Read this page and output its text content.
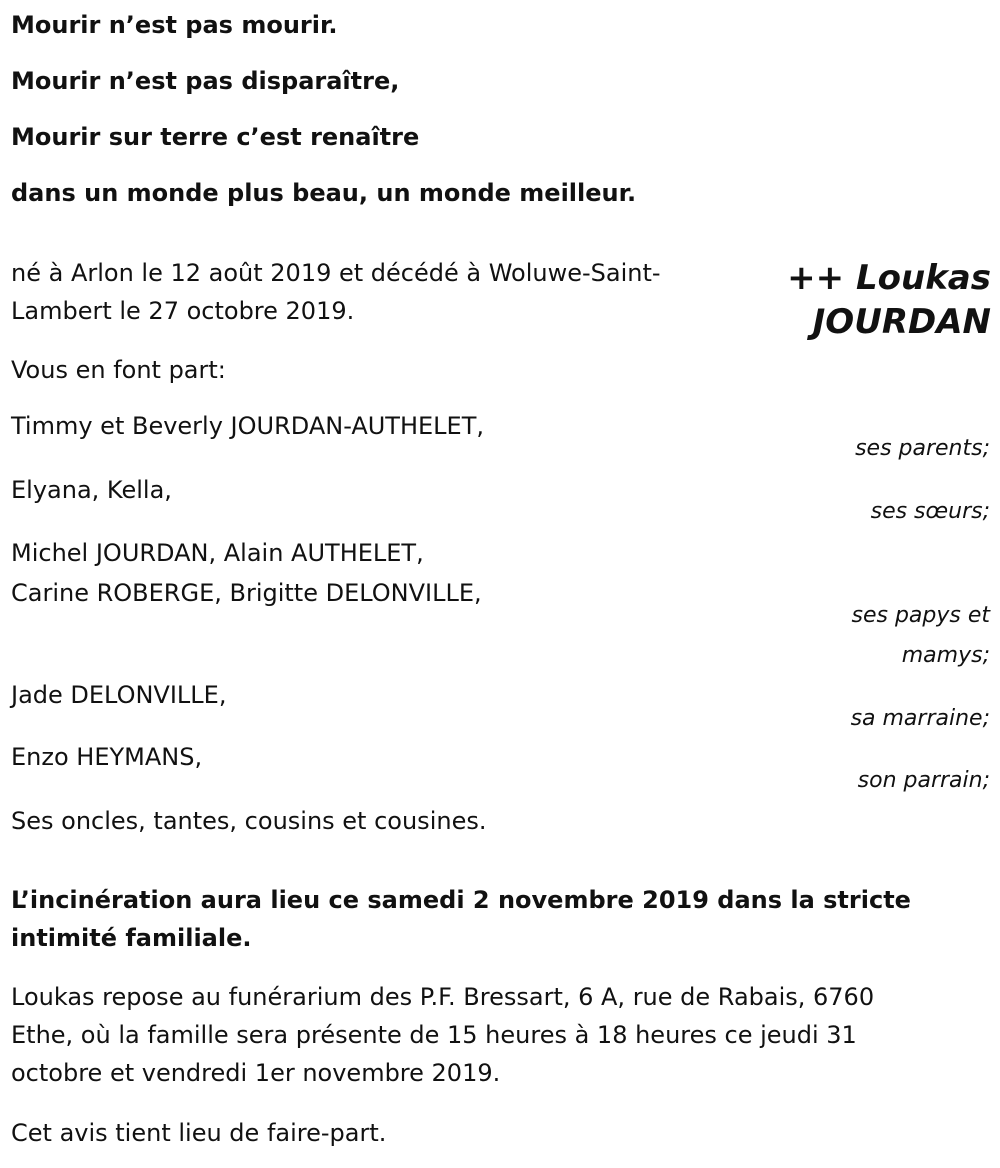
Mourir n’est pas mourir.

Mourir n’est pas disparaître,

Mourir sur terre c’est renaître

dans un monde plus beau, un monde meilleur.

++ Loukas
JOURDAN
né à Arlon le 12 août 2019 et décédé à Woluwe-Saint-
Lambert le 27 octobre 2019.

Vous en font part:

Timmy et Beverly JOURDAN-AUTHELET,

ses parents;

Elyana, Kella,

ses sœurs;

Michel JOURDAN, Alain AUTHELET,
Carine ROBERGE, Brigitte DELONVILLE,
ses papys et
mamys;

Jade DELONVILLE,

sa marraine;

Enzo HEYMANS,

son parrain;

Ses oncles, tantes, cousins et cousines.

L’incinération aura lieu ce samedi 2 novembre 2019 dans la stricte
intimité familiale.
Loukas repose au funérarium des P.F. Bressart, 6 A, rue de Rabais, 6760
Ethe, où la famille sera présente de 15 heures à 18 heures ce jeudi 31
octobre et vendredi 1er novembre 2019.

Cet avis tient lieu de faire-part.
